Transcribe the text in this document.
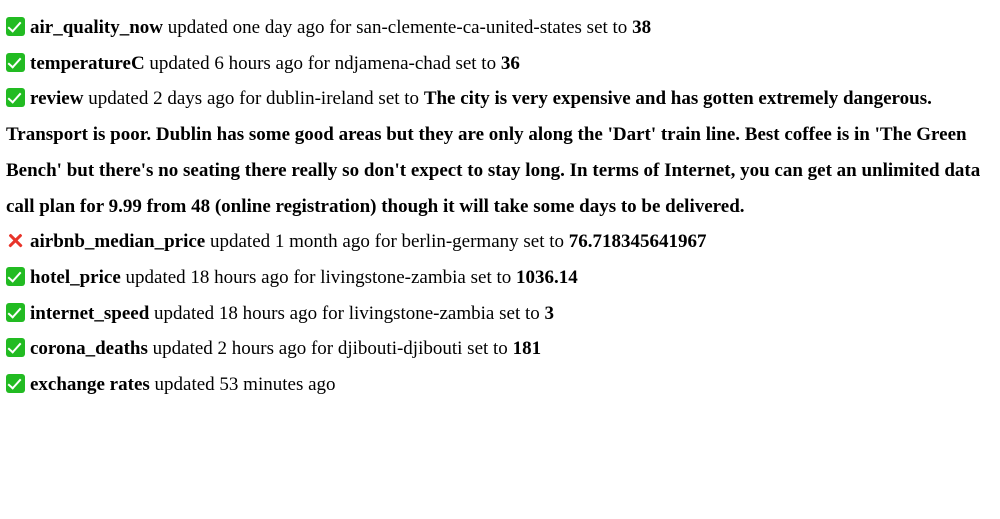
air_quality_now updated one day ago for san-clemente-ca-united-states set to 38
temperatureC updated 6 hours ago for ndjamena-chad set to 36
review updated 2 days ago for dublin-ireland set to The city is very expensive and has gotten extremely dangerous. Transport is poor. Dublin has some good areas but they are only along the 'Dart' train line. Best coffee is in 'The Green Bench' but there's no seating there really so don't expect to stay long. In terms of Internet, you can get an unlimited data call plan for 9.99 from 48 (online registration) though it will take some days to be delivered.
airbnb_median_price updated 1 month ago for berlin-germany set to 76.718345641967
hotel_price updated 18 hours ago for livingstone-zambia set to 1036.14
internet_speed updated 18 hours ago for livingstone-zambia set to 3
corona_deaths updated 2 hours ago for djibouti-djibouti set to 181
exchange rates updated 53 minutes ago
